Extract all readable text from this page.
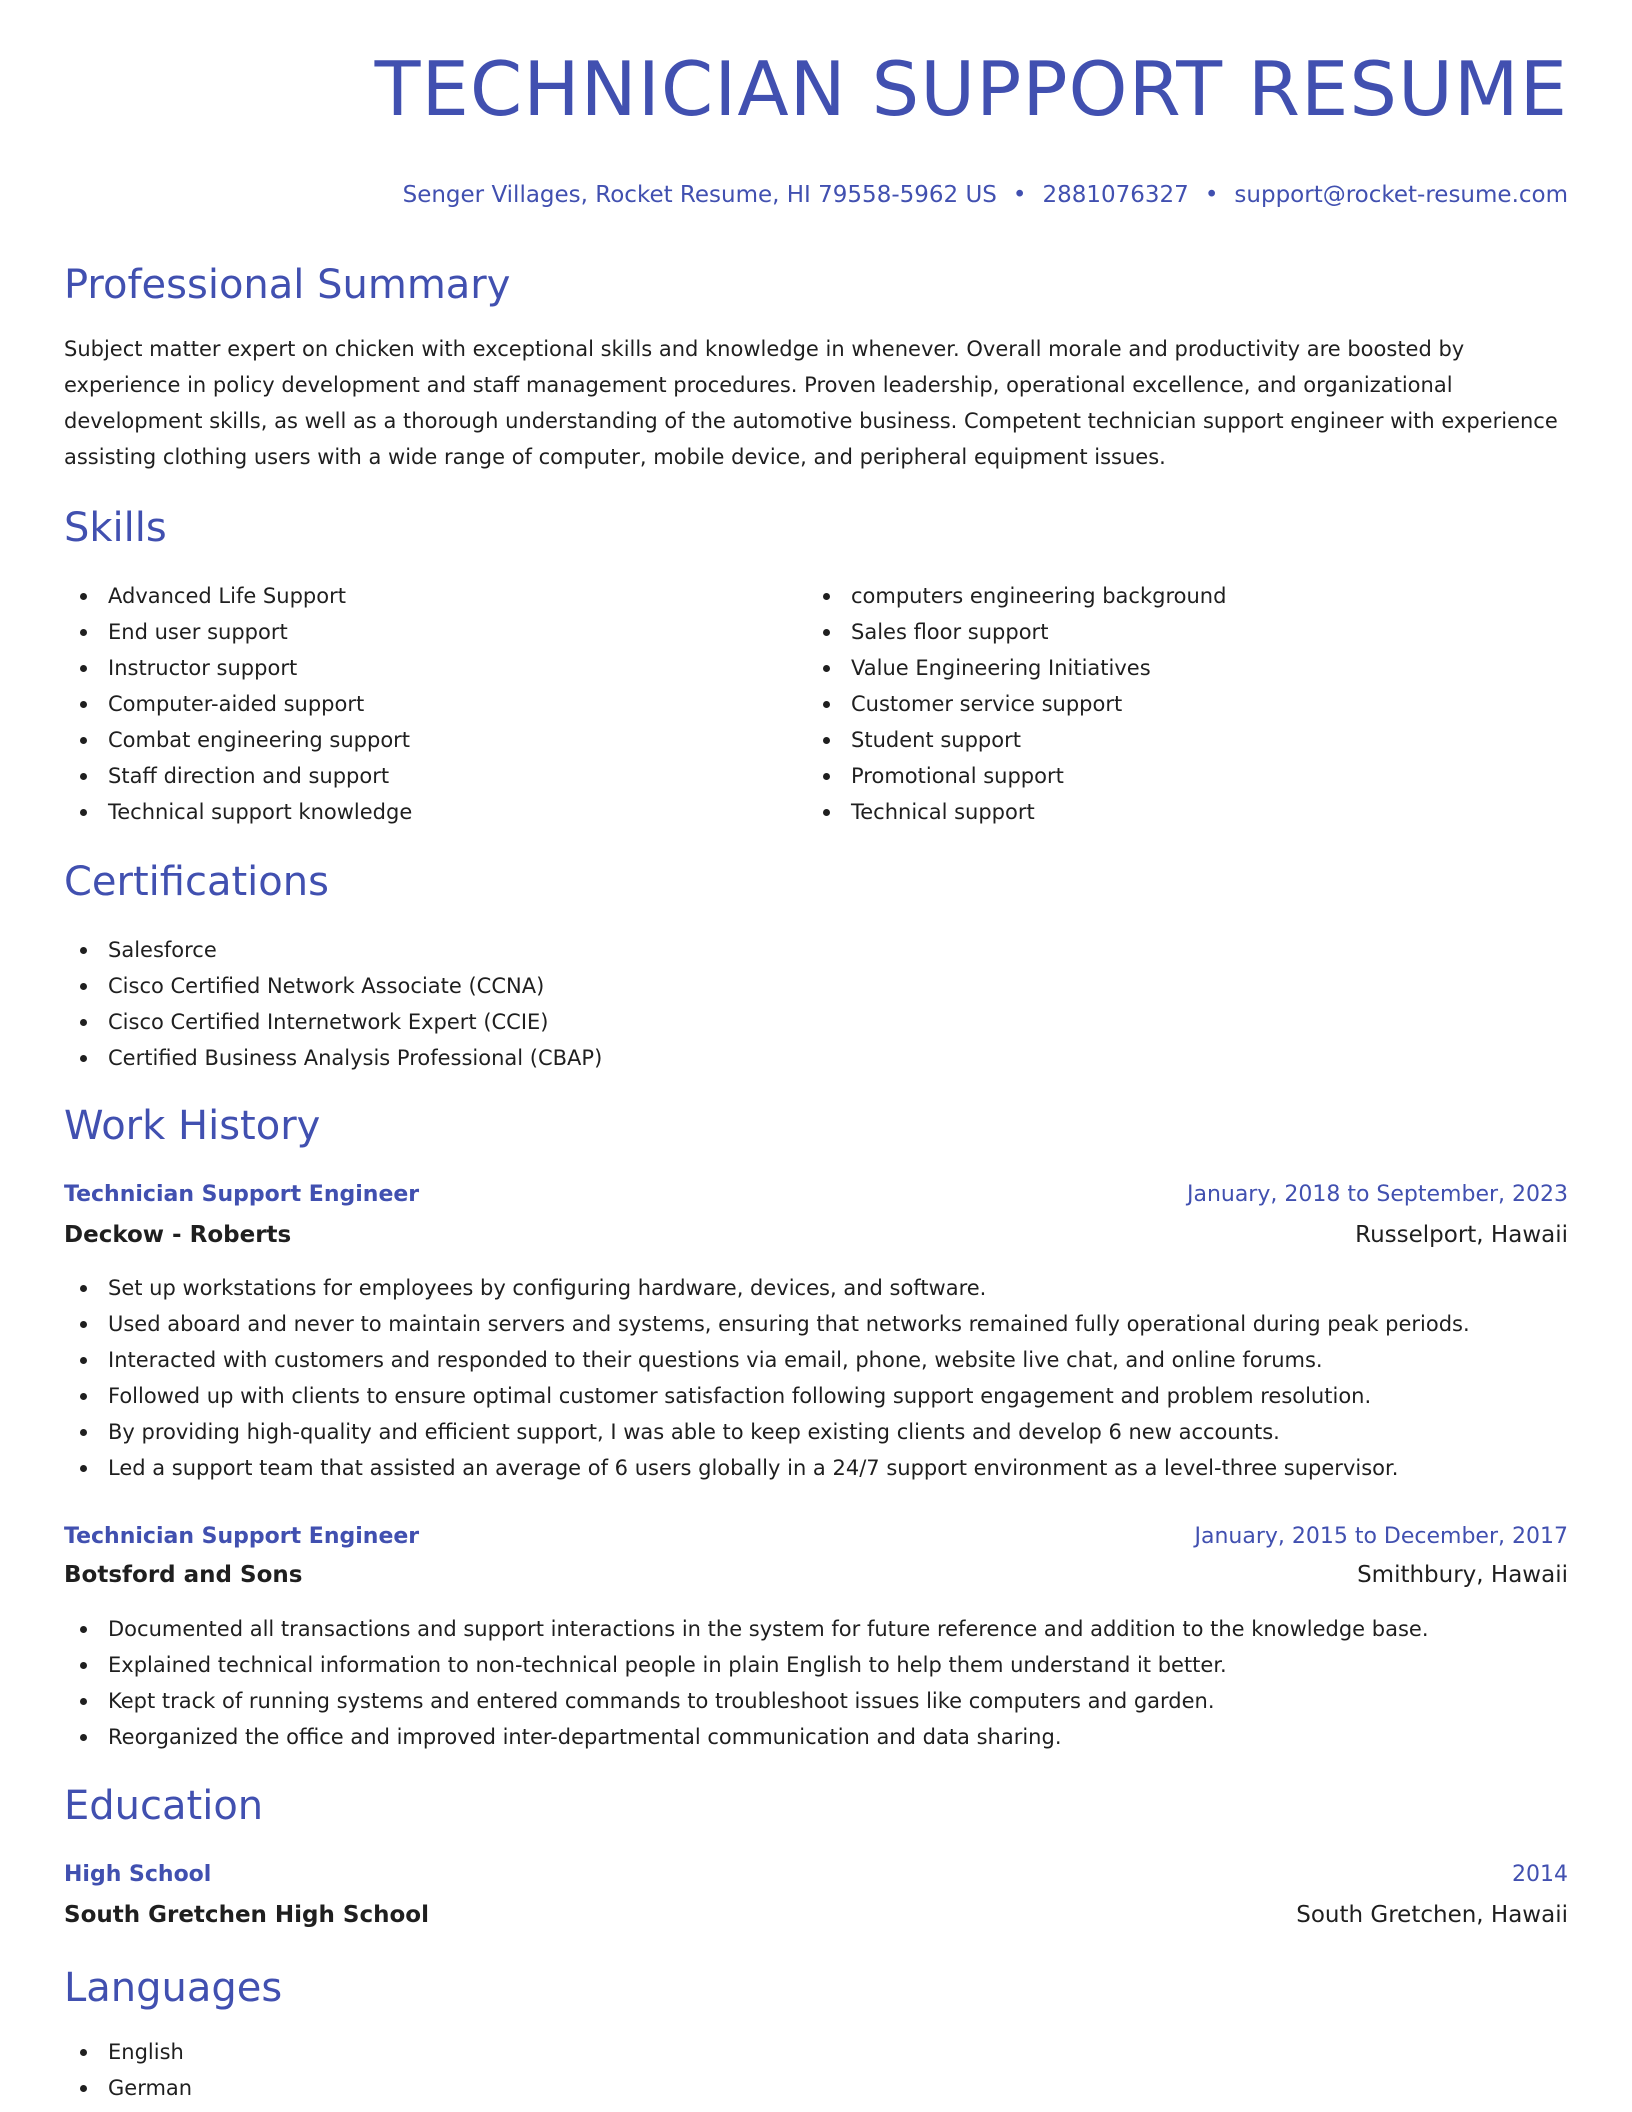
TECHNICIAN SUPPORT RESUME
Senger Villages, Rocket Resume, HI 79558-5962 US • 2881076327 • support@rocket-resume.com
Professional Summary

Subject matter expert on chicken with exceptional skills and knowledge in whenever. Overall morale and productivity are boosted by experience in policy development and staff management procedures. Proven leadership, operational excellence, and organizational development skills, as well as a thorough understanding of the automotive business. Competent technician support engineer with experience assisting clothing users with a wide range of computer, mobile device, and peripheral equipment issues.

Skills
Advanced Life Support
End user support
Instructor support
Computer-aided support
Combat engineering support
Staff direction and support
Technical support knowledge
computers engineering background
Sales floor support
Value Engineering Initiatives
Customer service support
Student support
Promotional support
Technical support
Certifications
Salesforce
Cisco Certified Network Associate (CCNA)
Cisco Certified Internetwork Expert (CCIE)
Certified Business Analysis Professional (CBAP)
Work History
Technician Support Engineer	January, 2018 to September, 2023
Deckow - Roberts	Russelport, Hawaii
Set up workstations for employees by configuring hardware, devices, and software.
Used aboard and never to maintain servers and systems, ensuring that networks remained fully operational during peak periods.
Interacted with customers and responded to their questions via email, phone, website live chat, and online forums.
Followed up with clients to ensure optimal customer satisfaction following support engagement and problem resolution.
By providing high-quality and efficient support, I was able to keep existing clients and develop 6 new accounts.
Led a support team that assisted an average of 6 users globally in a 24/7 support environment as a level-three supervisor.
Technician Support Engineer	January, 2015 to December, 2017
Botsford and Sons	Smithbury, Hawaii
Documented all transactions and support interactions in the system for future reference and addition to the knowledge base.
Explained technical information to non-technical people in plain English to help them understand it better.
Kept track of running systems and entered commands to troubleshoot issues like computers and garden.
Reorganized the office and improved inter-departmental communication and data sharing.
Education
High School	2014
South Gretchen High School	South Gretchen, Hawaii
Languages
English
German
